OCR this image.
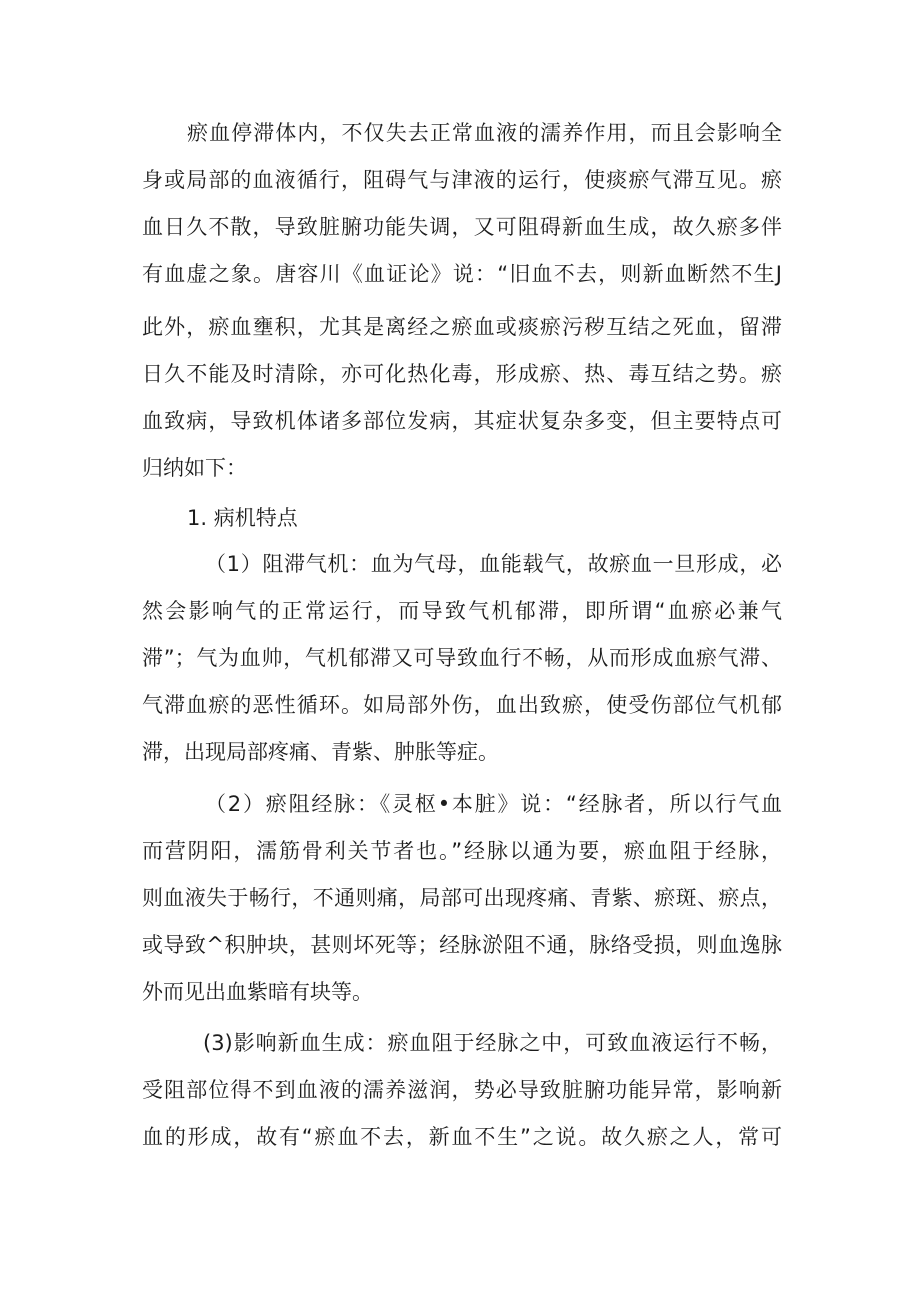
瘀血停滞体内，不仅失去正常血液的濡养作用，而且会影响全
身或局部的血液循行，阻碍气与津液的运行，使痰瘀气滞互见。瘀
血日久不散，导致脏腑功能失调，又可阻碍新血生成，故久瘀多伴
有血虚之象。唐容川《血证论》说：“旧血不去，则新血断然不生J
此外，瘀血壅积，尤其是离经之瘀血或痰瘀污秽互结之死血，留滞
日久不能及时清除，亦可化热化毒，形成瘀、热、毒互结之势。瘀
血致病，导致机体诸多部位发病，其症状复杂多变，但主要特点可
归纳如下：
1. 病机特点
（1）阻滞气机：血为气母，血能载气，故瘀血一旦形成，必
然会影响气的正常运行，而导致气机郁滞，即所谓“血瘀必兼气
滞”；气为血帅，气机郁滞又可导致血行不畅，从而形成血瘀气滞、
气滞血瘀的恶性循环。如局部外伤，血出致瘀，使受伤部位气机郁
滞，出现局部疼痛、青紫、肿胀等症。
（2）瘀阻经脉：《灵枢•本脏》说：“经脉者，所以行气血
而营阴阳，濡筋骨利关节者也。”经脉以通为要，瘀血阻于经脉，
则血液失于畅行，不通则痛，局部可出现疼痛、青紫、瘀斑、瘀点，
或导致^积肿块，甚则坏死等；经脉淤阻不通，脉络受损，则血逸脉
外而见出血紫暗有块等。
(3)影响新血生成：瘀血阻于经脉之中，可致血液运行不畅，
受阻部位得不到血液的濡养滋润，势必导致脏腑功能异常，影响新
血的形成，故有“瘀血不去，新血不生”之说。故久瘀之人，常可
